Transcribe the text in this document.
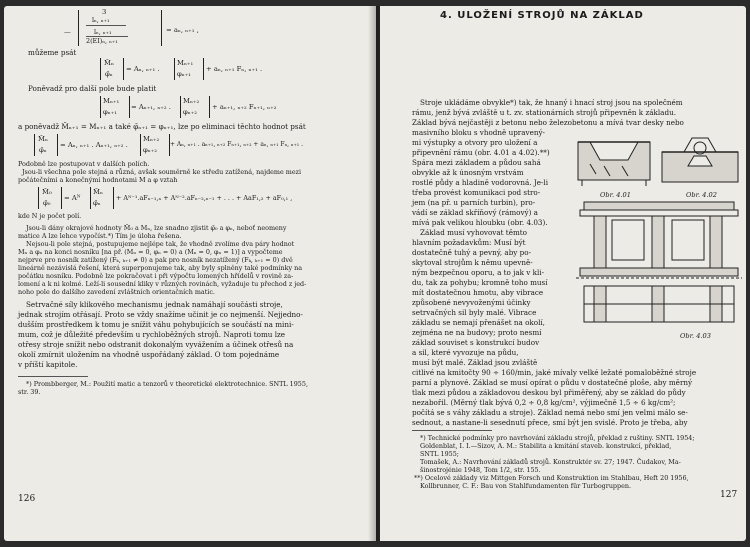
3
lₙ, ₙ₊₁
lₙ, ₙ₊₁
2(EI)ₙ, ₙ₊₁
= aₙ, ₙ₊₁ ,
—
můžeme psát
M̄ₙ
φ̄ₙ
= Aₙ, ₙ₊₁ .
Mₙ₊₁
φₙ₊₁
+ aₙ, ₙ₊₁ Fₙ, ₙ₊₁ .
Poněvadž pro další pole bude platit
Mₙ₊₁
φₙ₊₁
= Aₙ₊₁, ₙ₊₂ .
Mₙ₊₂
φₙ₊₂
+ aₙ₊₁, ₙ₊₂ Fₙ₊₁, ₙ₊₂
a poněvadž M̄ₙ₊₁ = Mₙ₊₁ a také φ̄ₙ₊₁ = φₙ₊₁, lze po eliminaci těchto hodnot psát
M̄ₙ
φ̄ₙ
= Aₙ, ₙ₊₁ . Aₙ₊₁, ₙ₊₂ .
Mₙ₊₂
φₙ₊₂
+ Aₙ, ₙ₊₁ . aₙ₊₁, ₙ₊₂ Fₙ₊₁, ₙ₊₂ + aₙ, ₙ₊₁ Fₙ, ₙ₊₁ .
Podobně lze postupovat v dalších polích.
Jsou-li všechna pole stejná a různá, avšak souměrně ke středu zatížená, najdeme mezi
počátečními a konečnými hodnotami M a φ vztah
M̄₀
φ̄₀
= Aᴺ
M̄ₙ
φ̄ₙ
+ Aᴺ⁻¹.aFₙ₋₁,ₙ + Aᴺ⁻².aFₙ₋₂,ₙ₋₁ + . . . + AaF₁,₂ + aF₀,₁ ,
kde N je počet polí.
Jsou-li dány okrajové hodnoty M̄₀ a Mₙ, lze snadno zjistit φ̄₀ a φₙ, neboť neomeny
matice A lze lehce vypočíst.*) Tím je úloha řešena.
Nejsou-li pole stejná, postupujeme nejlépe tak, že vhodně zvolíme dva páry hodnot
Mₙ a φₙ na konci nosníku [na př. (Mₙ = 0, φₙ = 0) a (Mₙ = 0, φₙ = 1)] a vypočteme
nejprve pro nosník zatížený (Fₖ, ₖ₊₁ ≠ 0) a pak pro nosník nezatížený (Fₖ, ₖ₊₁ = 0) dvě
lineárně nezávislá řešení, která superponujeme tak, aby byly splněny také podmínky na
počátku nosníku. Podobně lze pokračovat i při výpočtu lomených hřídelů v rovině za-
lomení a k ni kolmé. Leží-li sousední kliky v různých rovinách, vyžaduje tu přechod z jed-
noho pole do dalšího zavedení zvláštních orientačních matic.
Setrvačné síly klikového mechanismu jednak namáhají součásti stroje,
jednak strojím otřásají. Proto se vždy snažíme učinit je co nejmenší. Nejjedno-
dušším prostředkem k tomu je snížit váhu pohybujících se součástí na mini-
mum, což je důležité především u rychloběžných strojů. Naproti tomu lze
otřesy stroje snížit nebo odstranit dokonalým vyvážením a účinek otřesů na
okolí zmírnit uložením na vhodně uspořádaný základ. O tom pojednáme
v příští kapitole.
*) Prombberger, M.: Použití matic a tenzorů v theoretické elektrotechnice. SNTL 1955,
str. 39.
126
4. ULOŽENÍ STROJŮ NA ZÁKLAD
Stroje ukládáme obvykle*) tak, že hnaný i hnací stroj jsou na společném
rámu, jenž bývá zvláště u t. zv. stationárních strojů připevněn k základu.
Základ bývá nejčastěji z betonu nebo železobetonu a mívá tvar desky nebo
masivního bloku s vhodně upravený-
mi výstupky a otvory pro uložení a
připevnění rámu (obr. 4.01 a 4.02).**)
Spára mezi základem a půdou sahá
obvykle až k únosným vrstvám
rostlé půdy a hladině vodorovná. Je-li
třeba provést komunikaci pod stro-
jem (na př. u parních turbin), pro-
vádí se základ skříňový (rámový) a
mívá pak velikou hloubku (obr. 4.03).
Základ musí vyhovovat těmto
hlavním požadavkům: Musí být
dostatečně tuhý a pevný, aby po-
skytoval strojům k němu upevně-
ným bezpečnou oporu, a to jak v kli-
du, tak za pohybu; kromně toho musí
mít dostatečnou hmotu, aby vibrace
způsobené nevyvoženými účinky
setrvačných sil byly malé. Vibrace
základu se nemají přenášet na okolí,
zejména ne na budovy; proto nesmí
základ souviset s konstrukcí budov
a sil, které vyvozuje na půdu,
musí být malé. Základ jsou zvláště
citlivé na kmitočty 90 ÷ 160/min, jaké mívaly velké ležaté pomaloběžné stroje
parní a plynové. Základ se musí opírat o půdu v dostatečné ploše, aby měrný
tlak mezi půdou a základovou deskou byl přiměřený, aby se základ do půdy
nezabořil. (Měrný tlak bývá 0,2 ÷ 0,8 kg/cm², výjimečně 1,5 ÷ 6 kg/cm²;
počítá se s váhy základu a stroje). Základ nemá nebo smí jen velmi málo se-
sednout, a nastane-li sesednutí přece, smí být jen svislé. Proto je třeba, aby
Obr. 4.01	Obr. 4.02
Obr. 4.03
*) Technické podmínky pro navrhování základu strojů, překlad z ruštiny. SNTL 1954;
Goldenblat, I. I.—Sizov, A. M.: Stabilita a kmitání staveb. konstrukcí, překlad,
SNTL 1955;
Tomašek, A.: Navrhování základů strojů. Konstruktér sv. 27; 1947. Čudakov, Ma-
šinostrojénie 1948, Tom 1/2, str. 155.
**) Ocelové základy viz Mittgen Forsch und Konstruktion im Stahlbau, Heft 20 1956,
Kollbrunner, C. F.: Bau von Stahlfundamenten für Turbogruppen.
127
